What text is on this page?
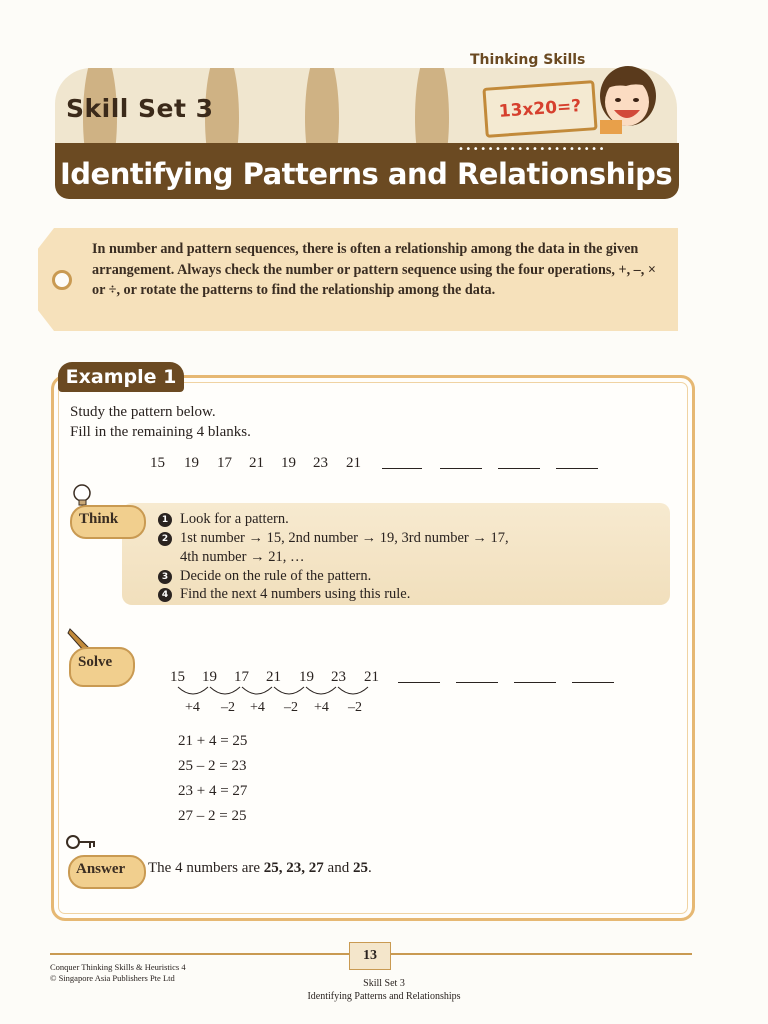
Thinking Skills
Skill Set 3	13x20=?
••••••••••••••••••••
Identifying Patterns and Relationships
In number and pattern sequences, there is often a relationship among the data in the given arrangement. Always check the number or pattern sequence using the four operations, +, –, × or ÷, or rotate the patterns to find the relationship among the data.
Example 1
Study the pattern below.
Fill in the remaining 4 blanks.
15 19 17 21 19 23 21
Think	1 Look for a pattern.
2 1st number → 15, 2nd number → 19, 3rd number → 17,
4th number → 21, …
3 Decide on the rule of the pattern.
4 Find the next 4 numbers using this rule.
Solve
15 19 17 21 19 23 21
+4 –2 +4 –2 +4 –2
21 + 4 = 25
25 – 2 = 23
23 + 4 = 27
27 – 2 = 25
Answer The 4 numbers are 25, 23, 27 and 25.
13
Conquer Thinking Skills & Heuristics 4
© Singapore Asia Publishers Pte Ltd	Skill Set 3
Identifying Patterns and Relationships
